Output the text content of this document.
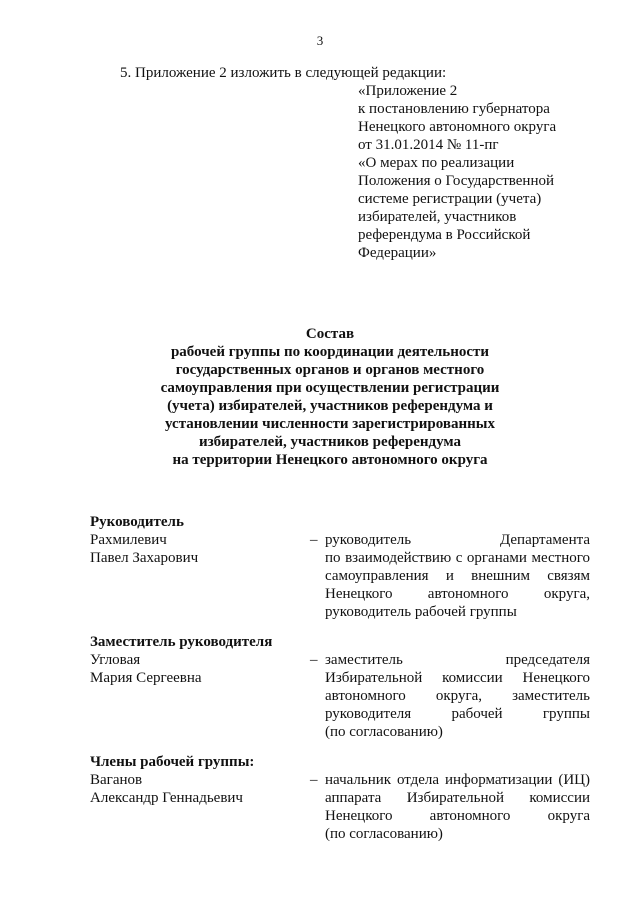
3
5. Приложение 2 изложить в следующей редакции:
«Приложение 2
к постановлению губернатора
Ненецкого автономного округа
от 31.01.2014 № 11-пг
«О мерах по реализации
Положения о Государственной
системе регистрации (учета)
избирателей, участников
референдума в Российской
Федерации»
Состав
рабочей группы по координации деятельности
государственных органов и органов местного
самоуправления при осуществлении регистрации
(учета) избирателей, участников референдума и
установлении численности зарегистрированных
избирателей, участников референдума
на территории Ненецкого автономного округа
Руководитель
Рахмилевич
Павел Захарович
– руководитель Департамента
по взаимодействию с органами местного
самоуправления и внешним связям
Ненецкого автономного округа,
руководитель рабочей группы
Заместитель руководителя
Угловая
Мария Сергеевна
– заместитель председателя
Избирательной комиссии Ненецкого
автономного округа, заместитель
руководителя рабочей группы
(по согласованию)
Члены рабочей группы:
Ваганов
Александр Геннадьевич
– начальник отдела информатизации (ИЦ)
аппарата Избирательной комиссии
Ненецкого автономного округа
(по согласованию)
